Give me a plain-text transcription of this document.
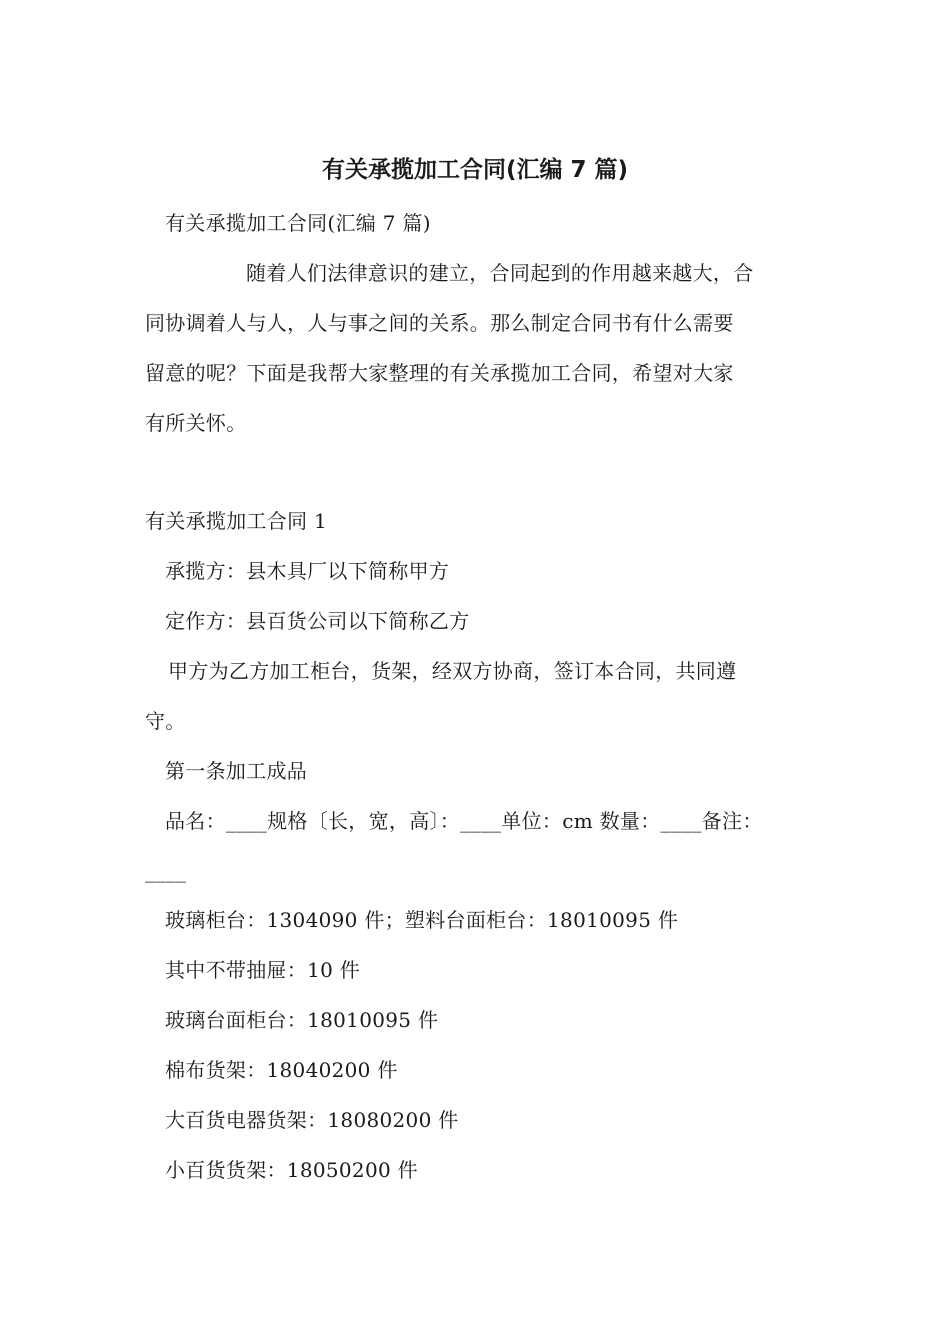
有关承揽加工合同(汇编 7 篇)
有关承揽加工合同(汇编 7 篇)
随着人们法律意识的建立，合同起到的作用越来越大，合
同协调着人与人，人与事之间的关系。那么制定合同书有什么需要
留意的呢？下面是我帮大家整理的有关承揽加工合同，希望对大家
有所关怀。
有关承揽加工合同 1
承揽方：县木具厂以下简称甲方
定作方：县百货公司以下简称乙方
甲方为乙方加工柜台，货架，经双方协商，签订本合同，共同遵
守。
第一条加工成品
品名：____规格〔长，宽，高〕：____单位：cm 数量：____备注：
____
玻璃柜台：1304090 件；塑料台面柜台：18010095 件
其中不带抽屉：10 件
玻璃台面柜台：18010095 件
棉布货架：18040200 件
大百货电器货架：18080200 件
小百货货架：18050200 件
